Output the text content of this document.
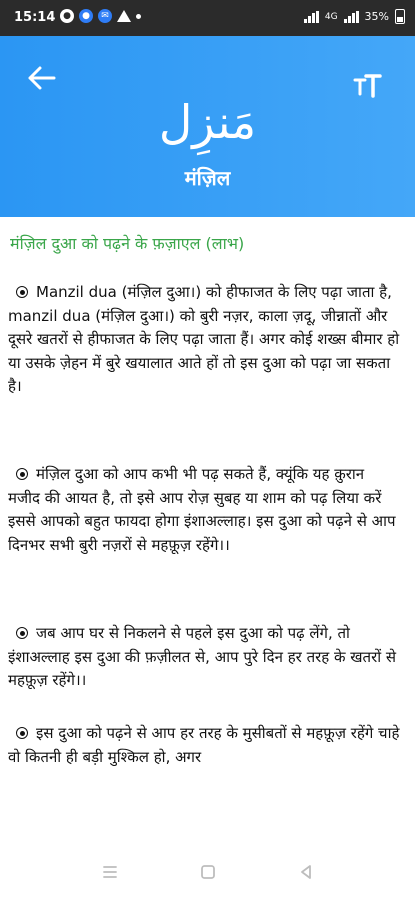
15:14 ●	●	✉	4G 35%
مَنزِل
मंज़िल
मंज़िल दुआ को पढ़ने के फ़ज़ाएल (लाभ)
Manzil dua (मंज़िल दुआ।) को हीफाजत के लिए पढ़ा जाता है, manzil dua (मंज़िल दुआ।) को बुरी नज़र, काला ज़दू, जीन्नातों और दूसरे खतरों से हीफाजत के लिए पढ़ा जाता हैं। अगर कोई शख्स बीमार हो या उसके ज़ेहन में बुरे खयालात आते हों तो इस दुआ को पढ़ा जा सकता है।
मंज़िल दुआ को आप कभी भी पढ़ सकते हैं, क्यूंकि यह क़ुरान मजीद की आयत है, तो इसे आप रोज़ सुबह या शाम को पढ़ लिया करें इससे आपको बहुत फायदा होगा इंशाअल्लाह। इस दुआ को पढ़ने से आप दिनभर सभी बुरी नज़रों से महफ़ूज़ रहेंगे।।
जब आप घर से निकलने से पहले इस दुआ को पढ़ लेंगे, तो इंशाअल्लाह इस दुआ की फ़ज़ीलत से, आप पुरे दिन हर तरह के खतरों से महफ़ूज़ रहेंगे।।
इस दुआ को पढ़ने से आप हर तरह के मुसीबतों से महफ़ूज़ रहेंगे चाहे वो कितनी ही बड़ी मुश्किल हो, अगर
